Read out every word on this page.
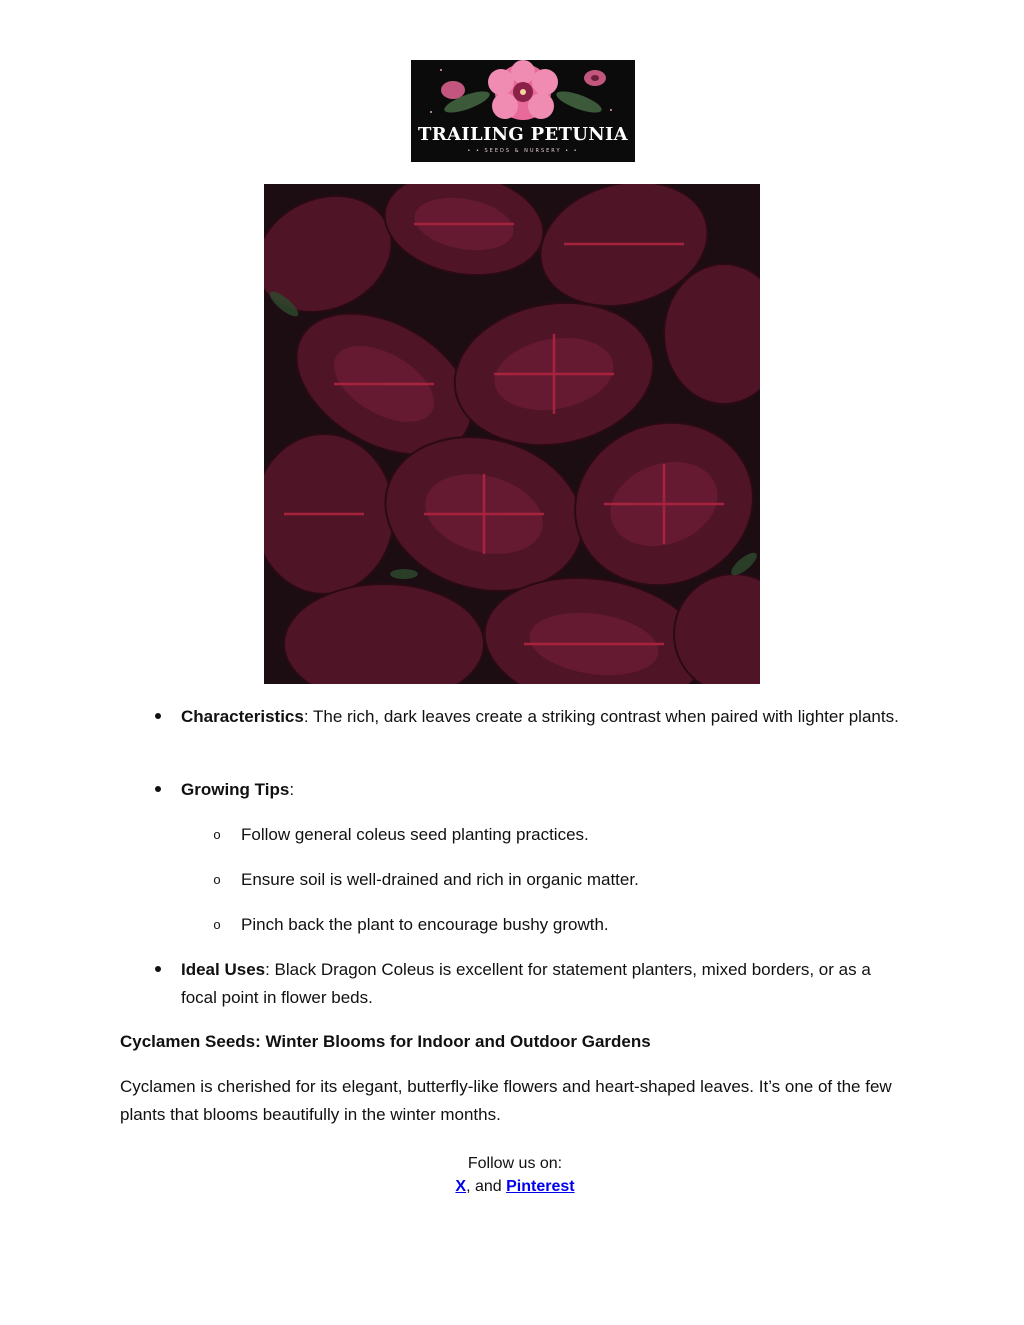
TRAILING PETUNIA
• • SEEDS & NURSERY • •
Characteristics: The rich, dark leaves create a striking contrast when paired with lighter plants.
Growing Tips:
o Follow general coleus seed planting practices.
o Ensure soil is well-drained and rich in organic matter.
o Pinch back the plant to encourage bushy growth.
Ideal Uses: Black Dragon Coleus is excellent for statement planters, mixed borders, or as a focal point in flower beds.
Cyclamen Seeds: Winter Blooms for Indoor and Outdoor Gardens
Cyclamen is cherished for its elegant, butterfly-like flowers and heart-shaped leaves. It’s one of the few plants that blooms beautifully in the winter months.
Follow us on:
X, and Pinterest
